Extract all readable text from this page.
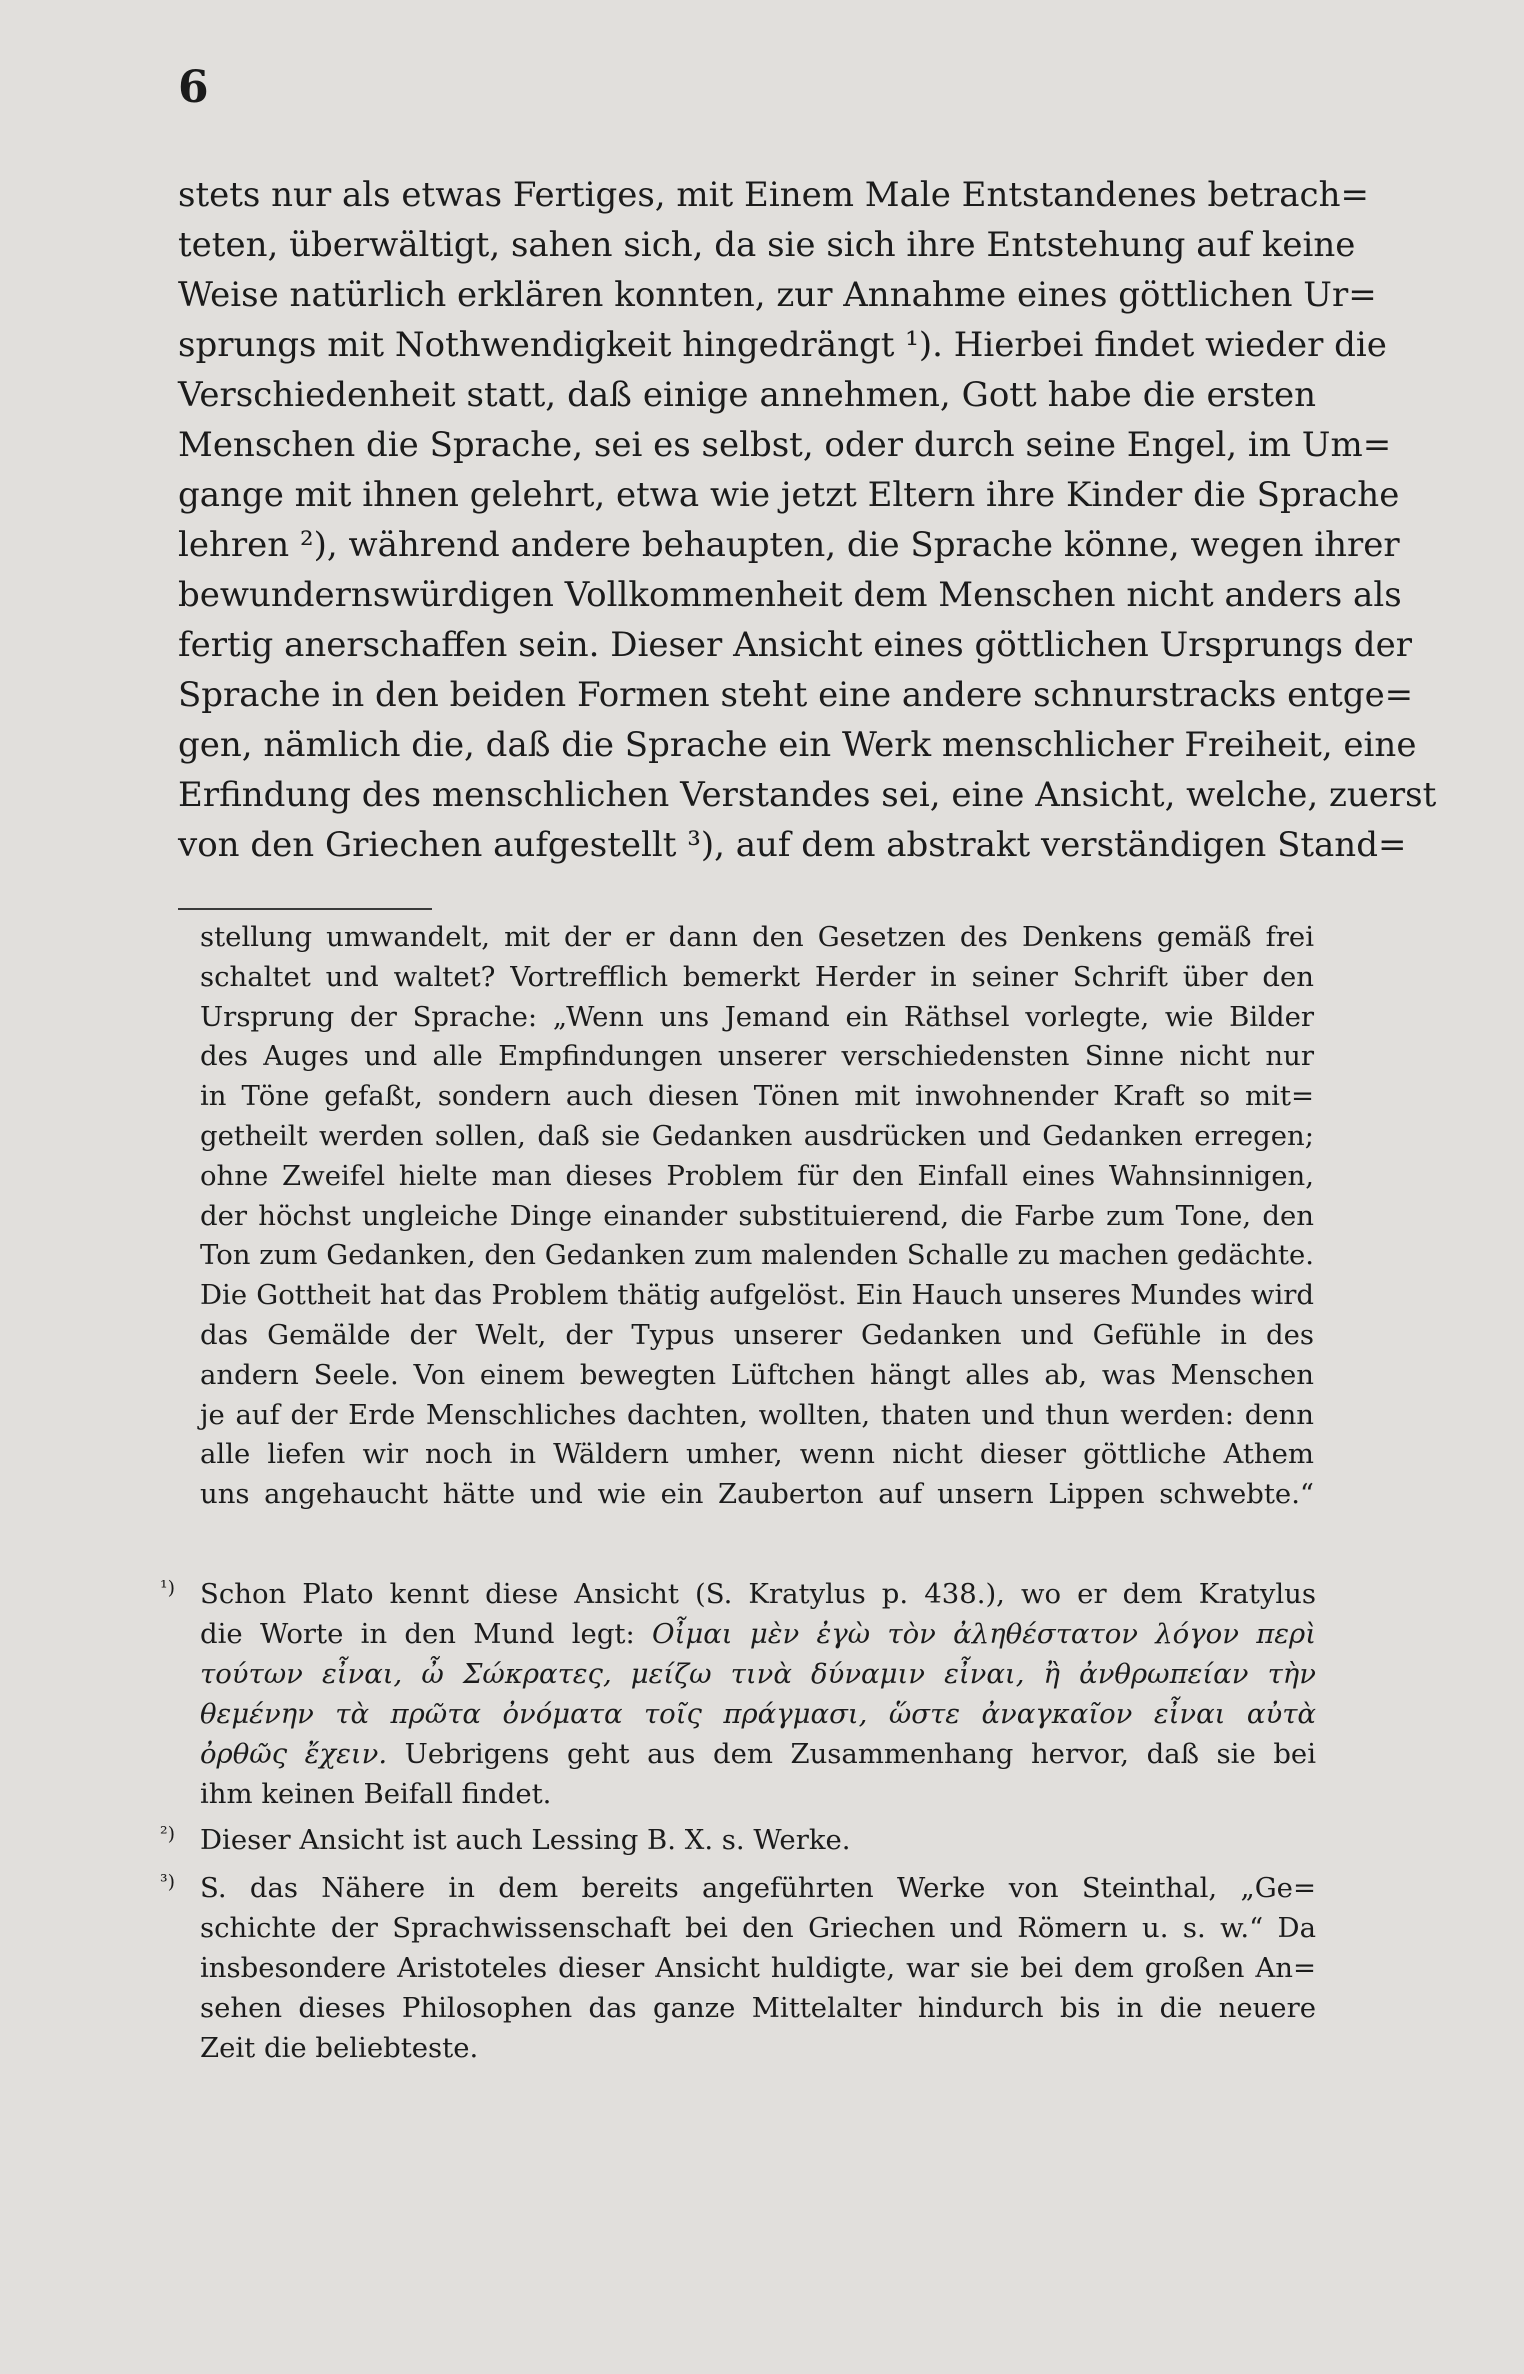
6
stets nur als etwas Fertiges, mit Einem Male Entstandenes betrach=
teten, überwältigt, sahen sich, da sie sich ihre Entstehung auf keine
Weise natürlich erklären konnten, zur Annahme eines göttlichen Ur=
sprungs mit Nothwendigkeit hingedrängt ¹). Hierbei findet wieder die
Verschiedenheit statt, daß einige annehmen, Gott habe die ersten
Menschen die Sprache, sei es selbst, oder durch seine Engel, im Um=
gange mit ihnen gelehrt, etwa wie jetzt Eltern ihre Kinder die Sprache
lehren ²), während andere behaupten, die Sprache könne, wegen ihrer
bewundernswürdigen Vollkommenheit dem Menschen nicht anders als
fertig anerschaffen sein. Dieser Ansicht eines göttlichen Ursprungs der
Sprache in den beiden Formen steht eine andere schnurstracks entge=
gen, nämlich die, daß die Sprache ein Werk menschlicher Freiheit, eine
Erfindung des menschlichen Verstandes sei, eine Ansicht, welche, zuerst
von den Griechen aufgestellt ³), auf dem abstrakt verständigen Stand=
stellung umwandelt, mit der er dann den Gesetzen des Denkens gemäß frei
schaltet und waltet? Vortrefflich bemerkt Herder in seiner Schrift über den
Ursprung der Sprache: „Wenn uns Jemand ein Räthsel vorlegte, wie Bilder
des Auges und alle Empfindungen unserer verschiedensten Sinne nicht nur
in Töne gefaßt, sondern auch diesen Tönen mit inwohnender Kraft so mit=
getheilt werden sollen, daß sie Gedanken ausdrücken und Gedanken erregen;
ohne Zweifel hielte man dieses Problem für den Einfall eines Wahnsinnigen,
der höchst ungleiche Dinge einander substituierend, die Farbe zum Tone, den
Ton zum Gedanken, den Gedanken zum malenden Schalle zu machen gedächte.
Die Gottheit hat das Problem thätig aufgelöst. Ein Hauch unseres Mundes wird
das Gemälde der Welt, der Typus unserer Gedanken und Gefühle in des
andern Seele. Von einem bewegten Lüftchen hängt alles ab, was Menschen
je auf der Erde Menschliches dachten, wollten, thaten und thun werden: denn
alle liefen wir noch in Wäldern umher, wenn nicht dieser göttliche Athem
uns angehaucht hätte und wie ein Zauberton auf unsern Lippen schwebte.“
¹) Schon Plato kennt diese Ansicht (S. Kratylus p. 438.), wo er dem Kratylus
die Worte in den Mund legt: Οἶμαι μὲν ἐγὼ τὸν ἀληθέστατον λόγον περὶ
τούτων εἶναι, ὦ Σώκρατες, μείζω τινὰ δύναμιν εἶναι, ἢ ἀνθρωπείαν τὴν
θεμένην τὰ πρῶτα ὀνόματα τοῖς πράγμασι, ὥστε ἀναγκαῖον εἶναι αὐτὰ
ὀρθῶς ἔχειν. Uebrigens geht aus dem Zusammenhang hervor, daß sie bei
ihm keinen Beifall findet.
²) Dieser Ansicht ist auch Lessing B. X. s. Werke.
³) S. das Nähere in dem bereits angeführten Werke von Steinthal, „Ge=
schichte der Sprachwissenschaft bei den Griechen und Römern u. s. w.“ Da
insbesondere Aristoteles dieser Ansicht huldigte, war sie bei dem großen An=
sehen dieses Philosophen das ganze Mittelalter hindurch bis in die neuere
Zeit die beliebteste.
